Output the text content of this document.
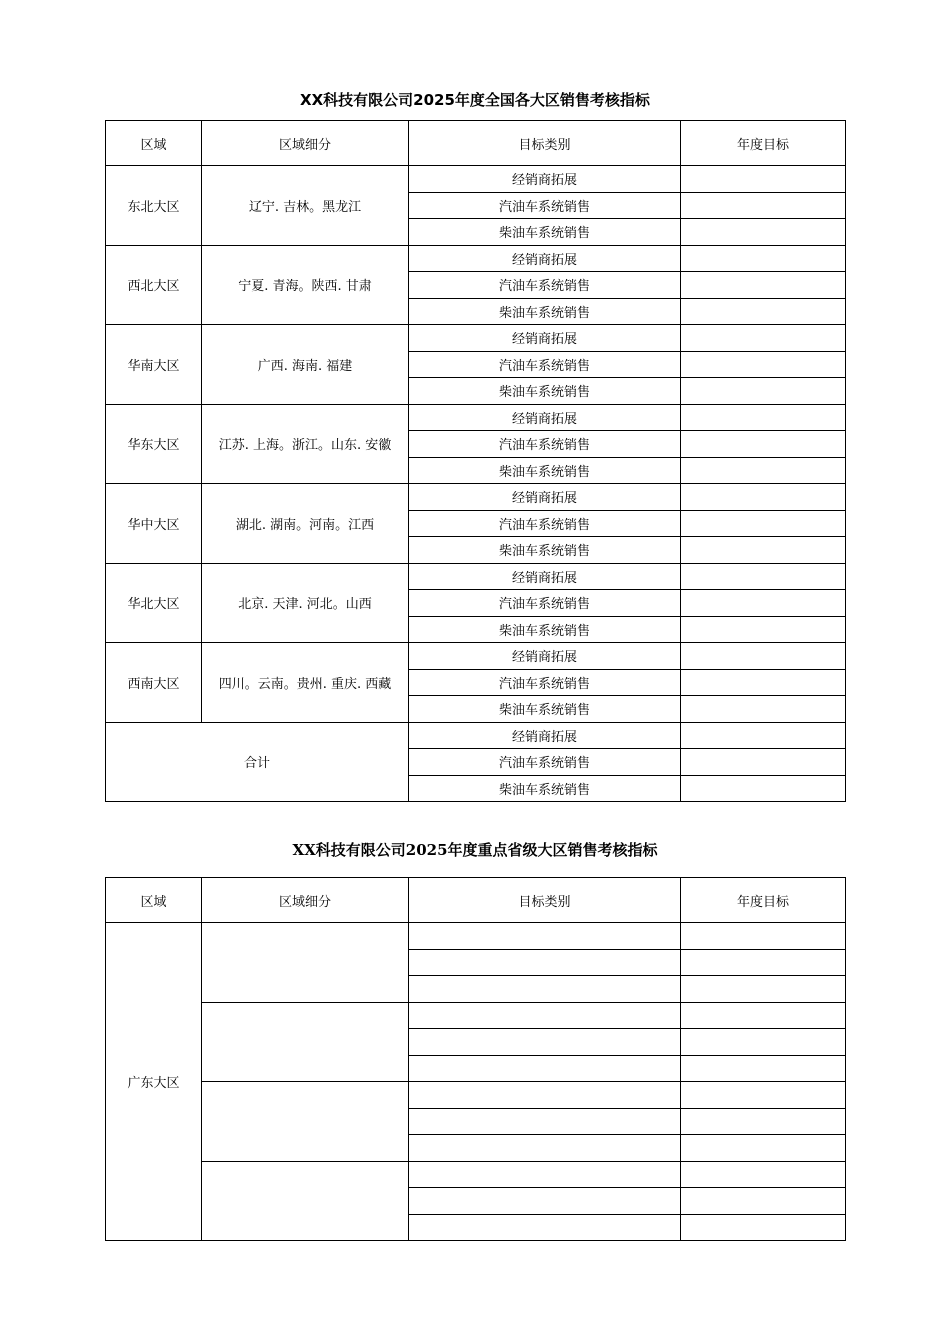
XX科技有限公司2025年度全国各大区销售考核指标
区域	区域细分	目标类别	年度目标
东北大区	辽宁. 吉林。黑龙江	经销商拓展	
		汽油车系统销售	
		柴油车系统销售	
西北大区	宁夏. 青海。陕西. 甘肃	经销商拓展	
		汽油车系统销售	
		柴油车系统销售	
华南大区	广西. 海南. 福建	经销商拓展	
		汽油车系统销售	
		柴油车系统销售	
华东大区	江苏. 上海。浙江。山东. 安徽	经销商拓展	
		汽油车系统销售	
		柴油车系统销售	
华中大区	湖北. 湖南。河南。江西	经销商拓展	
		汽油车系统销售	
		柴油车系统销售	
华北大区	北京. 天津. 河北。山西	经销商拓展	
		汽油车系统销售	
		柴油车系统销售	
西南大区	四川。云南。贵州. 重庆. 西藏	经销商拓展	
		汽油车系统销售	
		柴油车系统销售	
合计		经销商拓展	
		汽油车系统销售	
		柴油车系统销售	
XX科技有限公司2025年度重点省级大区销售考核指标
区域	区域细分	目标类别	年度目标
广东大区			
